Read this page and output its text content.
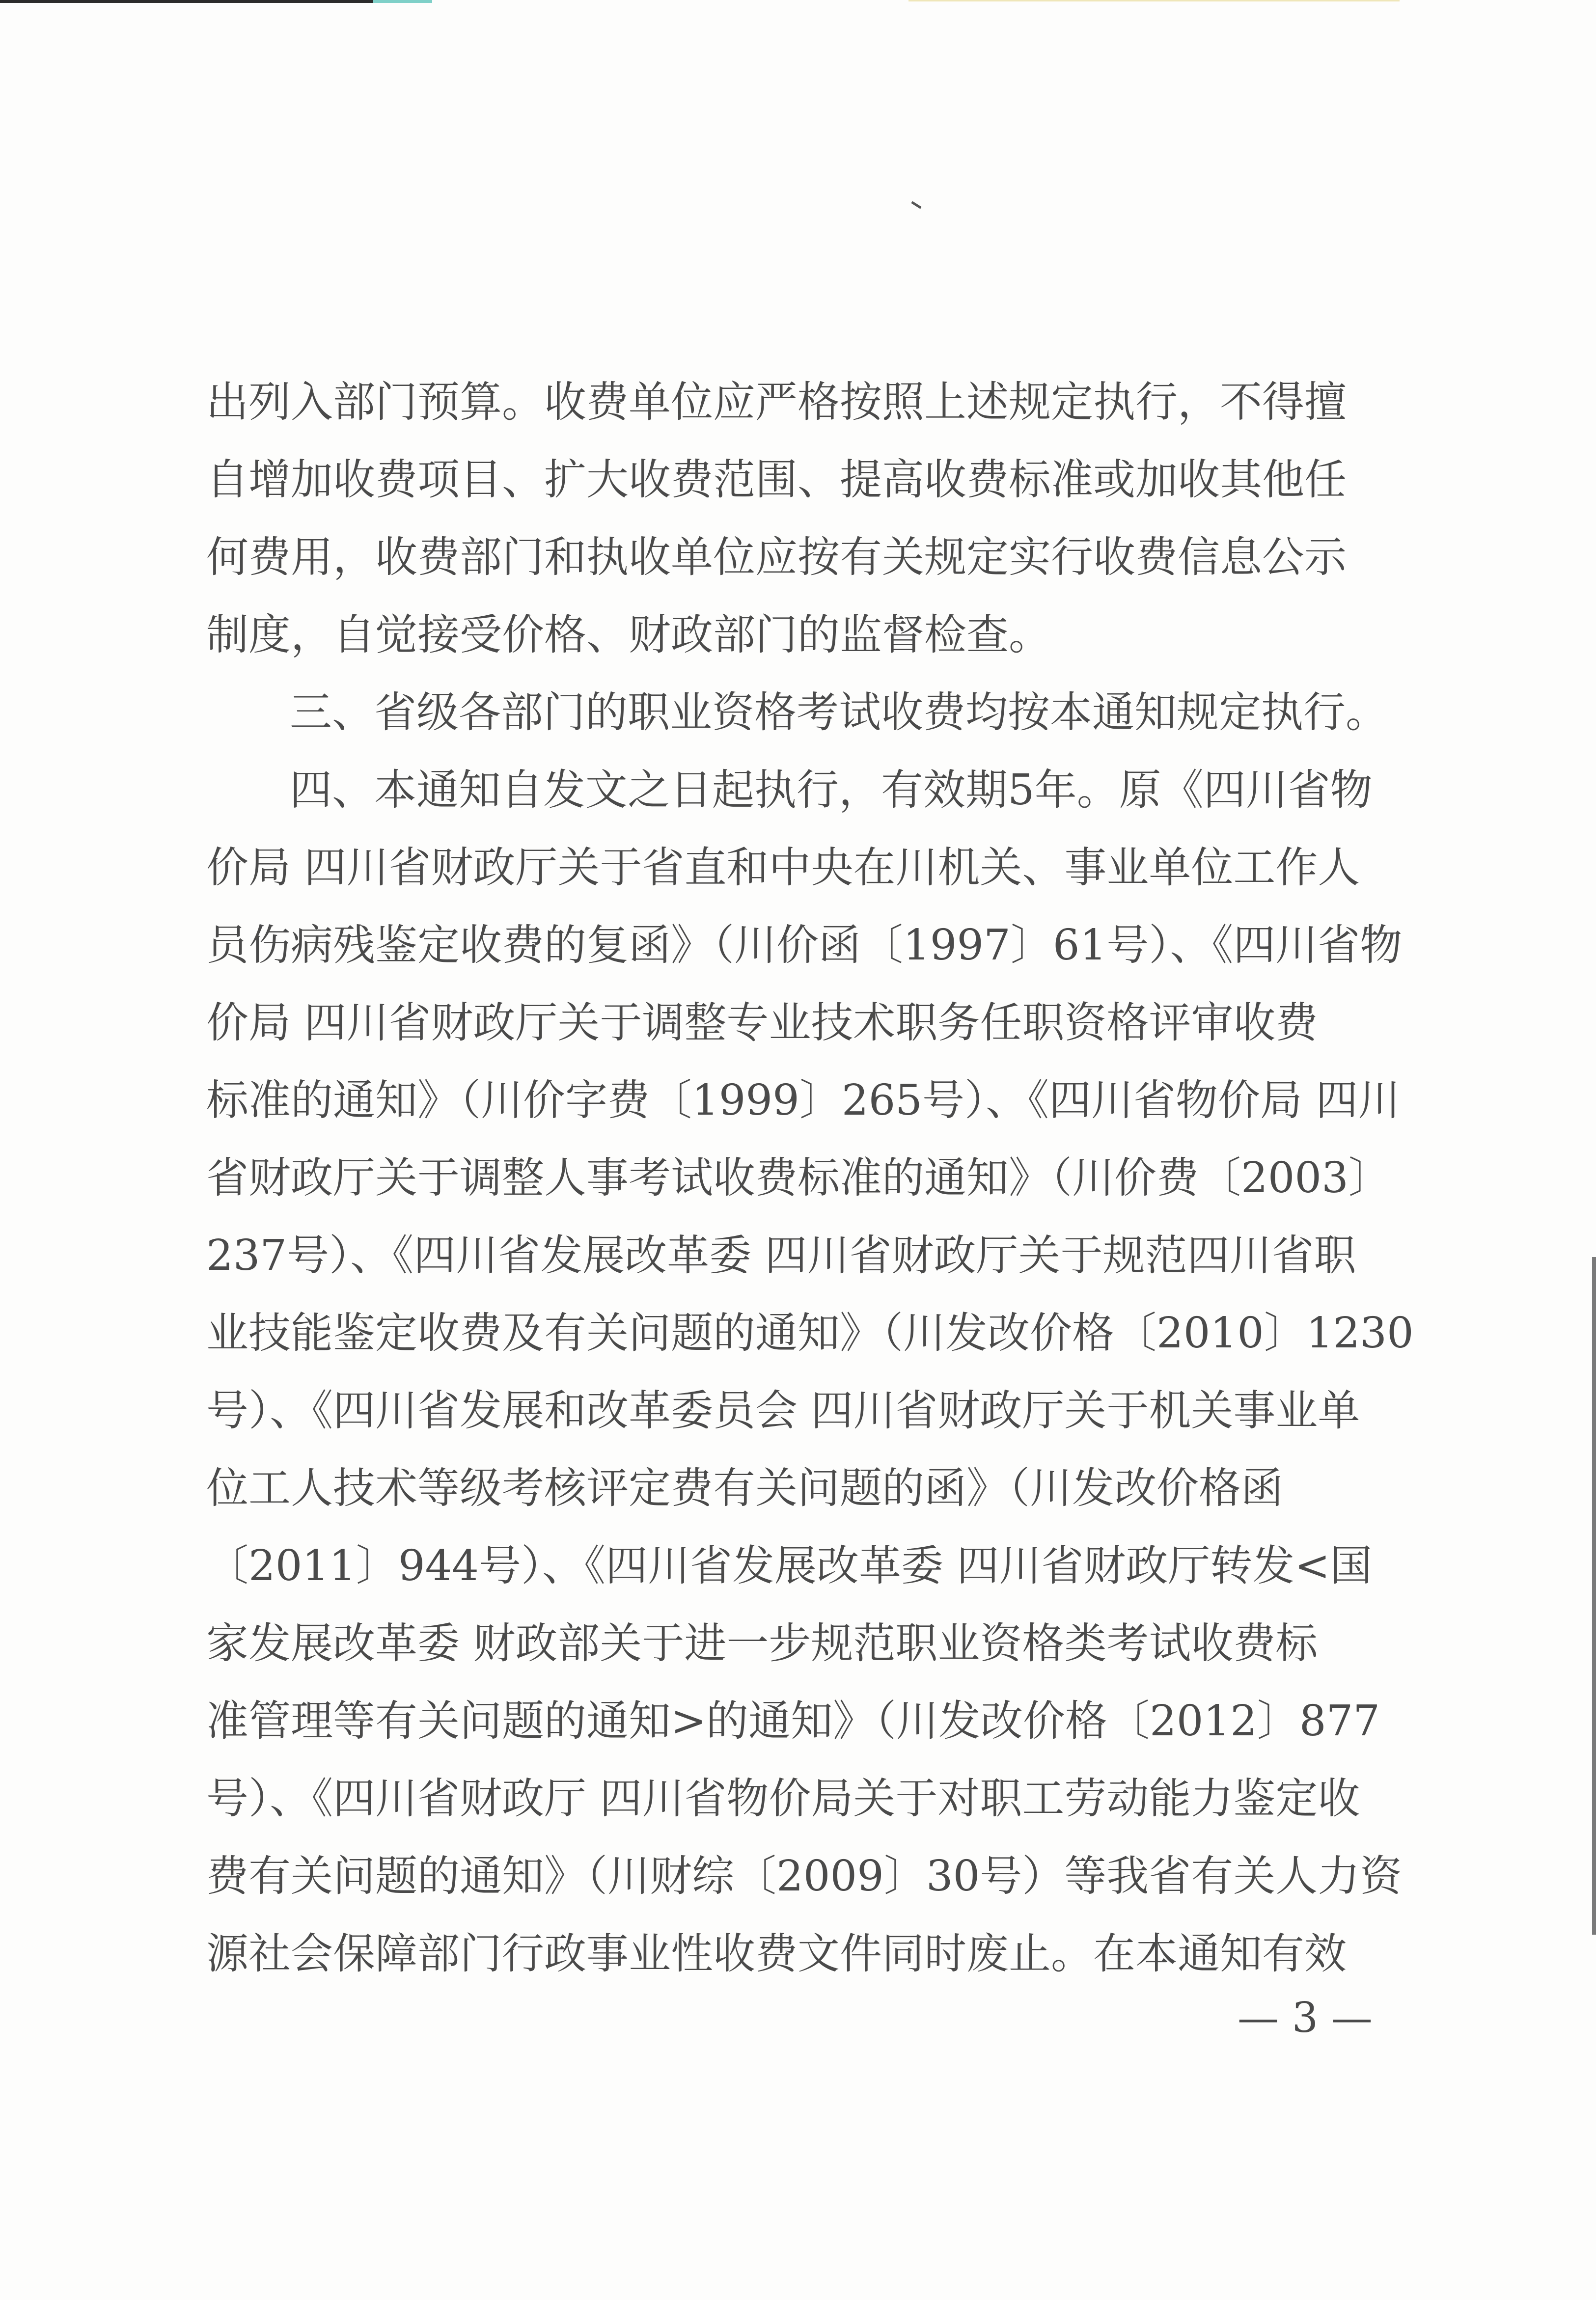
出列入部门预算。收费单位应严格按照上述规定执行，不得擅
自增加收费项目、扩大收费范围、提高收费标准或加收其他任
何费用，收费部门和执收单位应按有关规定实行收费信息公示
制度，自觉接受价格、财政部门的监督检查。
三、省级各部门的职业资格考试收费均按本通知规定执行。
四、本通知自发文之日起执行，有效期5年。原《四川省物
价局 四川省财政厅关于省直和中央在川机关、事业单位工作人
员伤病残鉴定收费的复函》（川价函〔1997〕61号）、《四川省物
价局 四川省财政厅关于调整专业技术职务任职资格评审收费
标准的通知》（川价字费〔1999〕265号）、《四川省物价局 四川
省财政厅关于调整人事考试收费标准的通知》（川价费〔2003〕
237号）、《四川省发展改革委 四川省财政厅关于规范四川省职
业技能鉴定收费及有关问题的通知》（川发改价格〔2010〕1230
号）、《四川省发展和改革委员会 四川省财政厅关于机关事业单
位工人技术等级考核评定费有关问题的函》（川发改价格函
〔2011〕944号）、《四川省发展改革委 四川省财政厅转发<国
家发展改革委 财政部关于进一步规范职业资格类考试收费标
准管理等有关问题的通知>的通知》（川发改价格〔2012〕877
号）、《四川省财政厅 四川省物价局关于对职工劳动能力鉴定收
费有关问题的通知》（川财综〔2009〕30号）等我省有关人力资
源社会保障部门行政事业性收费文件同时废止。在本通知有效
— 3 —
